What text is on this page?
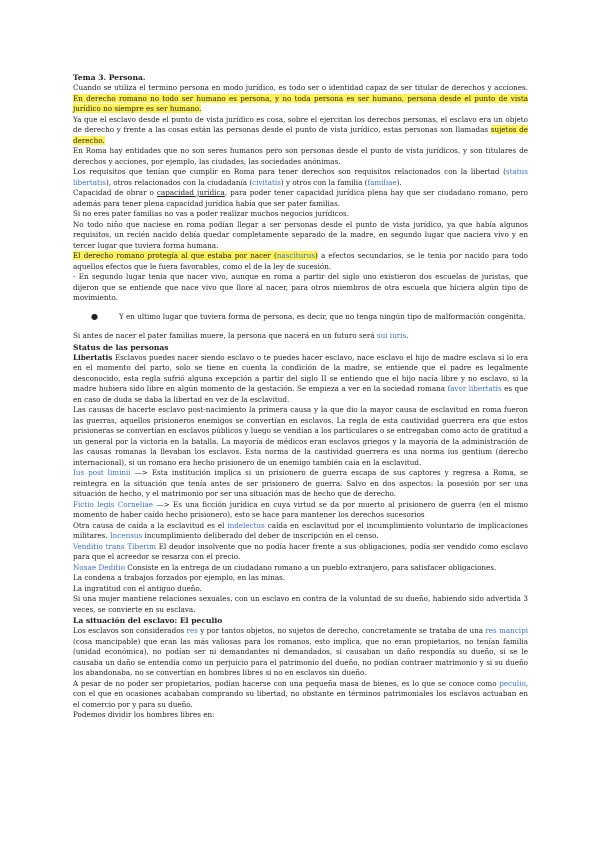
Tema 3. Persona.

Cuando se utiliza el termino persona en modo jurídico, es todo ser o identidad capaz de ser titular de derechos y acciones. En derecho romano no todo ser humano es persona, y no toda persona es ser humano, persona desde el punto de vista jurídico no siempre es ser humano.

Ya que el esclavo desde el punto de vista jurídico es cosa, sobre el ejercitan los derechos personas, el esclavo era un objeto de derecho y frente a las cosas están las personas desde el punto de vista jurídico, estas personas son llamadas sujetos de derecho.

En Roma hay entidades que no son seres humanos pero son personas desde el punto de vista jurídicos, y son titulares de derechos y acciones, por ejemplo, las ciudades, las sociedades anónimas.

Los requisitos que tenían que cumplir en Roma para tener derechos son requisitos relacionados con la libertad (status libertatis), otros relacionados con la ciudadanía (civitatis) y otros con la familia (familiae).

Capacidad de obrar o capacidad jurídica, para poder tener capacidad jurídica plena hay que ser ciudadano romano, pero además para tener plena capacidad jurídica había que ser pater familias.

Si no eres pater familias no vas a poder realizar muchos negocios jurídicos.

No todo niño que naciese en roma podían llegar a ser personas desde el punto de vista jurídico, ya que había algunos requisitos, un recién nacido debía quedar completamente separado de la madre, en segundo lugar que naciera vivo y en tercer lugar que tuviera forma humana.

El derecho romano protegía al que estaba por nacer (nasciturus) a efectos secundarios, se le tenia por nacido para todo aquellos efectos que le fuera favorables, como el de la ley de sucesión.

- En segundo lugar tenia que nacer vivo, aunque en roma a partir del siglo uno existieron dos escuelas de juristas, que dijeron que se entiende que nace vivo que llore al nacer, para otros miembros de otra escuela que hiciera algún tipo de movimiento.

●	Y en ultimo lugar que tuviera forma de persona, es decir, que no tenga ningún tipo de malformación congénita.

Si antes de nacer el pater familias muere, la persona que nacerá en un futuro será sui iuris.

Status de las personas

Libertatis Esclavos puedes nacer siendo esclavo o te puedes hacer esclavo, nace esclavo el hijo de madre esclava si lo era en el momento del parto, solo se tiene en cuenta la condición de la madre, se entiende que el padre es legalmente desconocido, esta regla sufrió alguna excepción a partir del siglo II se entiendo que el hijo nacía libre y no esclavo, si la madre hubiera sido libre en algún momento de la gestación. Se empieza a ver en la sociedad romana favor libertatis es que en caso de duda se daba la libertad en vez de la esclavitud.

Las causas de hacerte esclavo post-nacimiento la primera causa y la que dio la mayor causa de esclavitud en roma fueron las guerras, aquellos prisioneros enemigos se convertían en esclavos. La regla de esta cautividad guerrera era que estos prisioneras se convertían en esclavos públicos y luego se vendían a los particulares o se entregaban como acto de gratitud a un general por la victoria en la batalla. La mayoría de médicos eran esclavos griegos y la mayoría de la administración de las causas romanas la llevaban los esclavos. Esta norma de la cautividad guerrera es una norma ius gentium (derecho internacional), si un romano era hecho prisionero de un enemigo también caía en la esclavitud.

Ius post liminii —> Esta institución implica si un prisionero de guerra escapa de sus captores y regresa a Roma, se reintegra en la situación que tenía antes de ser prisionero de guerra. Salvo en dos aspectos: la posesión por ser una situación de hecho, y el matrimonio por ser una situación mas de hecho que de derecho.

Fictio legis Corneliae —> Es una ficción jurídica en cuya virtud se da por muerto al prisionero de guerra (en el mismo momento de haber caído hecho prisionero), esto se hace para mantener los derechos sucesorios

Otra causa de caída a la esclavitud es el indelectus caída en esclavitud por el incumplimiento voluntario de implicaciones militares. Incensus incumplimiento deliberado del deber de inscripción en el censo.

Venditio trans Tiberim El deudor insolvente que no podía hacer frente a sus obligaciones, podía ser vendido como esclavo para que el acreedor se resarza con el precio.

Noxae Deditio Consiste en la entrega de un ciudadano romano a un pueblo extranjero, para satisfacer obligaciones.

La condena a trabajos forzados por ejemplo, en las minas.

La ingratitud con el antiguo dueño.

Si una mujer mantiene relaciones sexuales, con un esclavo en contra de la voluntad de su dueño, habiendo sido advertida 3 veces, se convierte en su esclava.

La situación del esclavo: El peculio

Los esclavos son considerados res y por tantos objetos, no sujetos de derecho, concretamente se trataba de una res mancipi (cosa mancipable) que eran las más valiosas para los romanos, esto implica, que no eran propietarios, no tenían familia (unidad económica), no podían ser ni demandantes ni demandados, si causaban un daño respondía su dueño, si se le causaba un daño se entendía como un perjuicio para el patrimonio del dueño, no podían contraer matrimonio y si su dueño los abandonaba, no se convertían en hombres libres si no en esclavos sin dueño.

A pesar de no poder ser propietarios, podían hacerse con una pequeña masa de bienes, es lo que se conoce como peculio, con el que en ocasiones acababan comprando su libertad, no obstante en términos patrimoniales los esclavos actuaban en el comercio por y para su dueño.

Podemos dividir los hombres libres en:
